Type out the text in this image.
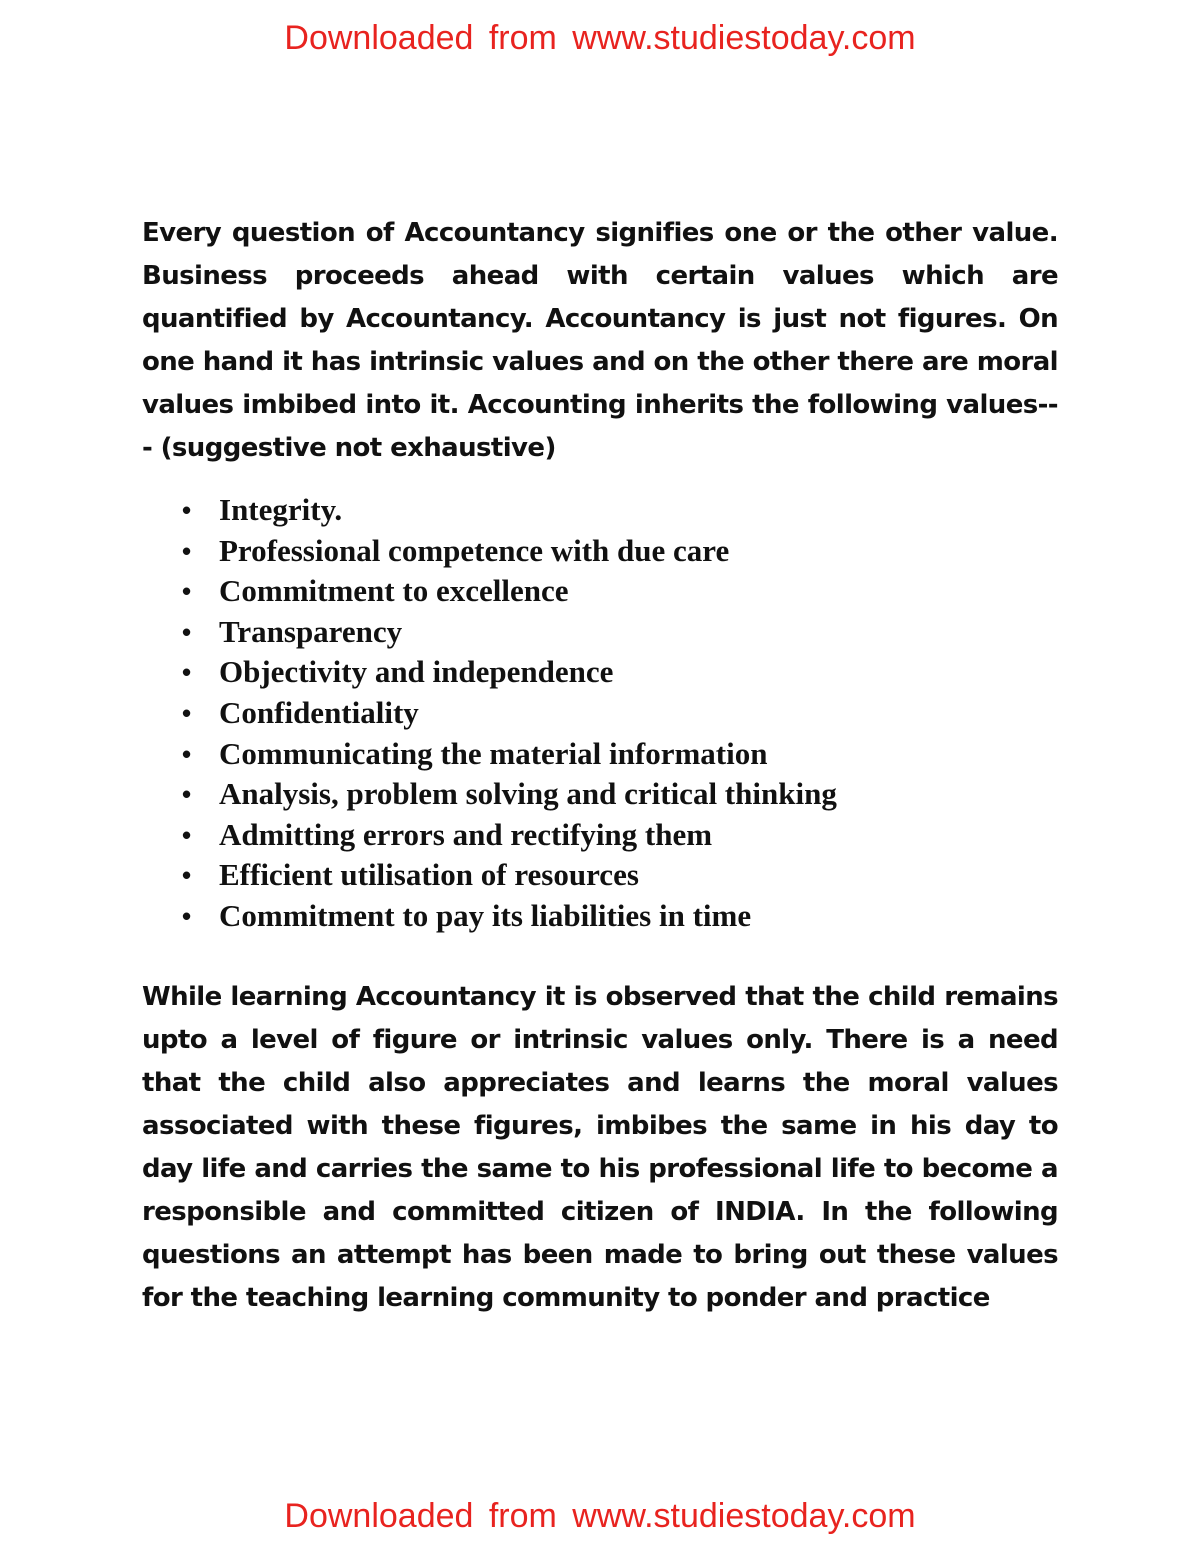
Downloaded from www.studiestoday.com

Every question of Accountancy signifies one or the other value. Business proceeds ahead with certain values which are quantified by Accountancy. Accountancy is just not figures. On one hand it has intrinsic values and on the other there are moral values imbibed into it. Accounting inherits the following values--- (suggestive not exhaustive)

• Integrity.
• Professional competence with due care
• Commitment to excellence
• Transparency
• Objectivity and independence
• Confidentiality
• Communicating the material information
• Analysis, problem solving and critical thinking
• Admitting errors and rectifying them
• Efficient utilisation of resources
• Commitment to pay its liabilities in time

While learning Accountancy it is observed that the child remains upto a level of figure or intrinsic values only. There is a need that the child also appreciates and learns the moral values associated with these figures, imbibes the same in his day to day life and carries the same to his professional life to become a responsible and committed citizen of INDIA. In the following questions an attempt has been made to bring out these values for the teaching learning community to ponder and practice

Downloaded from www.studiestoday.com
